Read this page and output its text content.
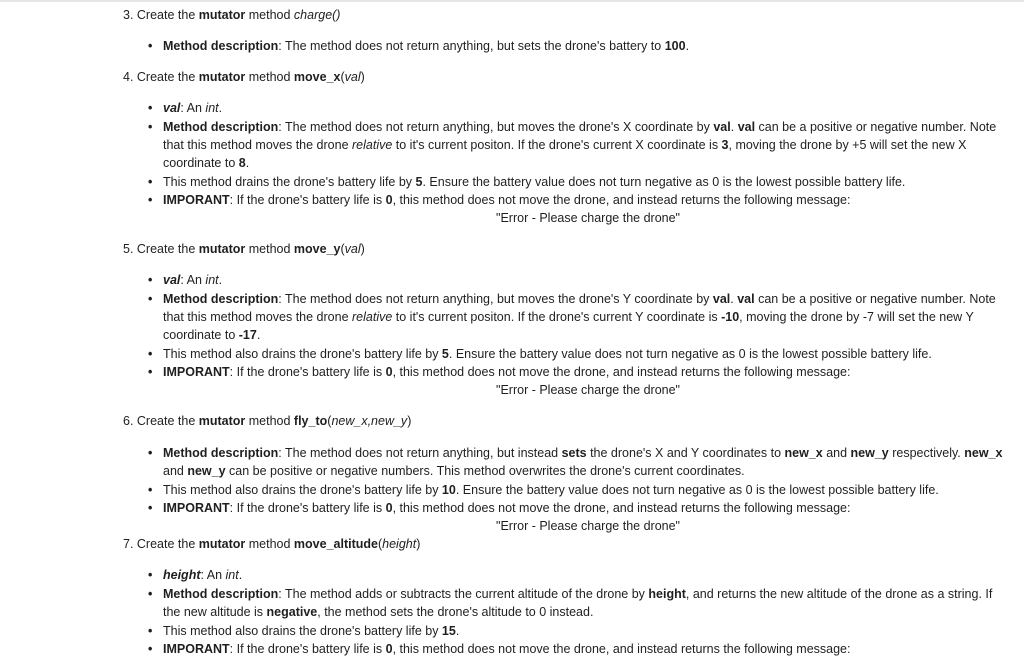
3. Create the mutator method charge()
• Method description: The method does not return anything, but sets the drone's battery to 100.
4. Create the mutator method move_x(val)
• val: An int.
• Method description: The method does not return anything, but moves the drone's X coordinate by val. val can be a positive or negative number. Note that this method moves the drone relative to it's current positon. If the drone's current X coordinate is 3, moving the drone by +5 will set the new X coordinate to 8.
• This method drains the drone's battery life by 5. Ensure the battery value does not turn negative as 0 is the lowest possible battery life.
• IMPORANT: If the drone's battery life is 0, this method does not move the drone, and instead returns the following message:
"Error - Please charge the drone"
5. Create the mutator method move_y(val)
• val: An int.
• Method description: The method does not return anything, but moves the drone's Y coordinate by val. val can be a positive or negative number. Note that this method moves the drone relative to it's current positon. If the drone's current Y coordinate is -10, moving the drone by -7 will set the new Y coordinate to -17.
• This method also drains the drone's battery life by 5. Ensure the battery value does not turn negative as 0 is the lowest possible battery life.
• IMPORANT: If the drone's battery life is 0, this method does not move the drone, and instead returns the following message:
"Error - Please charge the drone"
6. Create the mutator method fly_to(new_x,new_y)
• Method description: The method does not return anything, but instead sets the drone's X and Y coordinates to new_x and new_y respectively. new_x and new_y can be positive or negative numbers. This method overwrites the drone's current coordinates.
• This method also drains the drone's battery life by 10. Ensure the battery value does not turn negative as 0 is the lowest possible battery life.
• IMPORANT: If the drone's battery life is 0, this method does not move the drone, and instead returns the following message:
"Error - Please charge the drone"
7. Create the mutator method move_altitude(height)
• height: An int.
• Method description: The method adds or subtracts the current altitude of the drone by height, and returns the new altitude of the drone as a string. If the new altitude is negative, the method sets the drone's altitude to 0 instead.
• This method also drains the drone's battery life by 15.
• IMPORANT: If the drone's battery life is 0, this method does not move the drone, and instead returns the following message:
